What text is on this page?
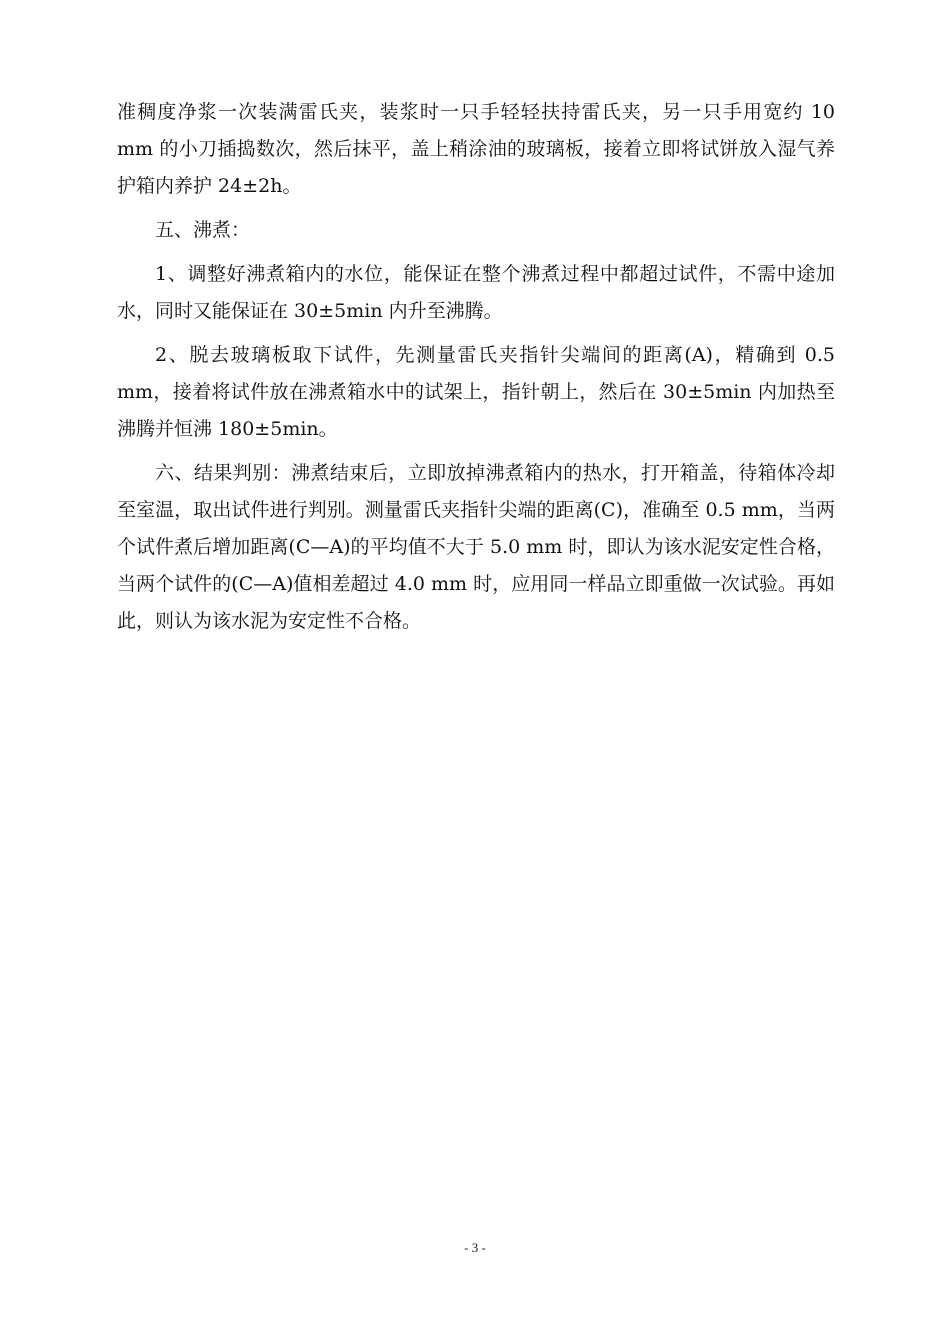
准稠度净浆一次装满雷氏夹，装浆时一只手轻轻扶持雷氏夹，另一只手用宽约 10 mm 的小刀插捣数次，然后抹平，盖上稍涂油的玻璃板，接着立即将试饼放入湿气养护箱内养护 24±2h。

五、沸煮：

1、调整好沸煮箱内的水位，能保证在整个沸煮过程中都超过试件，不需中途加水，同时又能保证在 30±5min 内升至沸腾。

2、脱去玻璃板取下试件，先测量雷氏夹指针尖端间的距离(A)，精确到 0.5 mm，接着将试件放在沸煮箱水中的试架上，指针朝上，然后在 30±5min 内加热至沸腾并恒沸 180±5min。

六、结果判别：沸煮结束后，立即放掉沸煮箱内的热水，打开箱盖，待箱体冷却至室温，取出试件进行判别。测量雷氏夹指针尖端的距离(C)，准确至 0.5 mm，当两个试件煮后增加距离(C—A)的平均值不大于 5.0 mm 时，即认为该水泥安定性合格，当两个试件的(C—A)值相差超过 4.0 mm 时，应用同一样品立即重做一次试验。再如此，则认为该水泥为安定性不合格。

- 3 -
